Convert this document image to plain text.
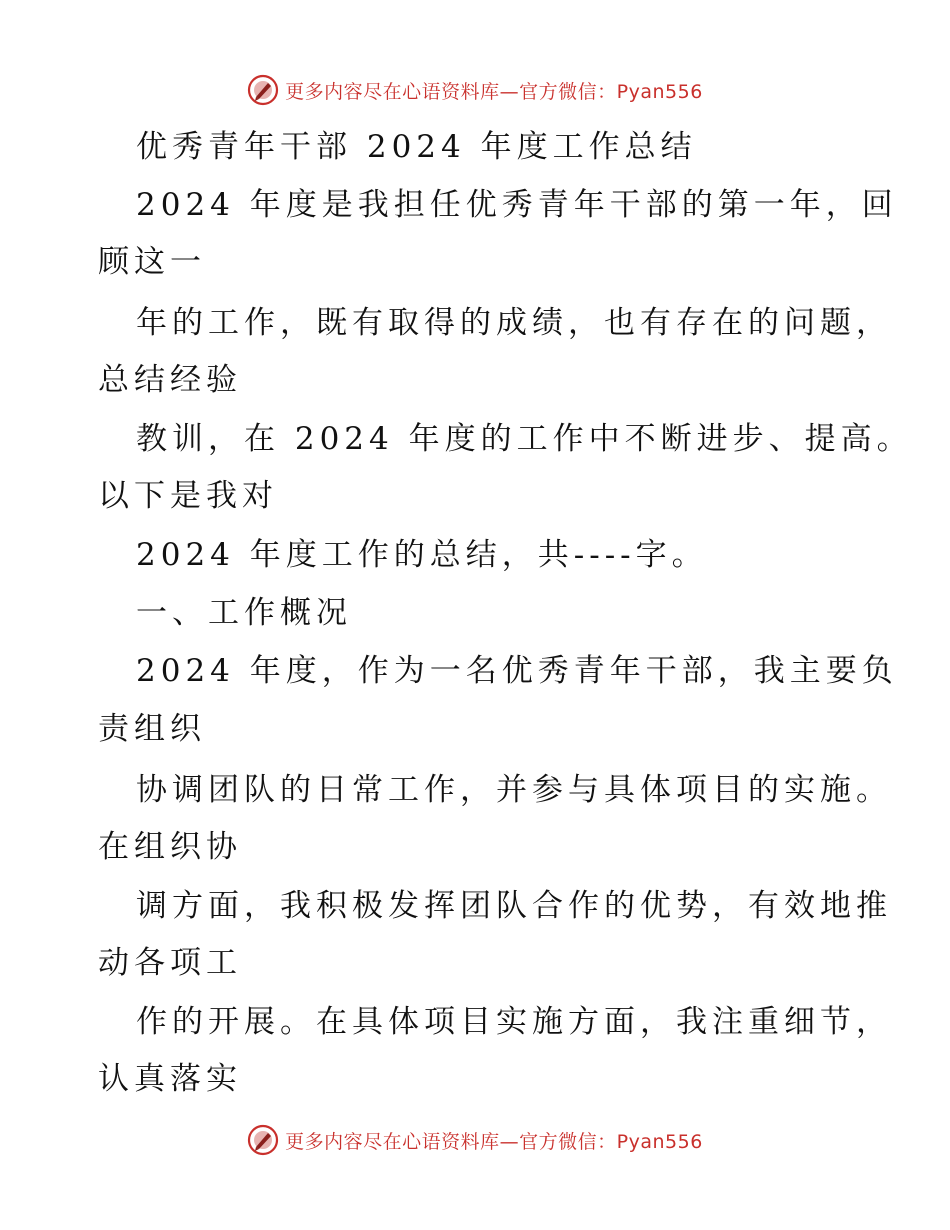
更多内容尽在心语资料库—官方微信：Pyan556
优秀青年干部 2024 年度工作总结
2024 年度是我担任优秀青年干部的第一年，回
顾这一
年的工作，既有取得的成绩，也有存在的问题，
总结经验
教训，在 2024 年度的工作中不断进步、提高。
以下是我对
2024 年度工作的总结，共----字。
一、工作概况
2024 年度，作为一名优秀青年干部，我主要负
责组织
协调团队的日常工作，并参与具体项目的实施。
在组织协
调方面，我积极发挥团队合作的优势，有效地推
动各项工
作的开展。在具体项目实施方面，我注重细节，
认真落实
更多内容尽在心语资料库—官方微信：Pyan556
